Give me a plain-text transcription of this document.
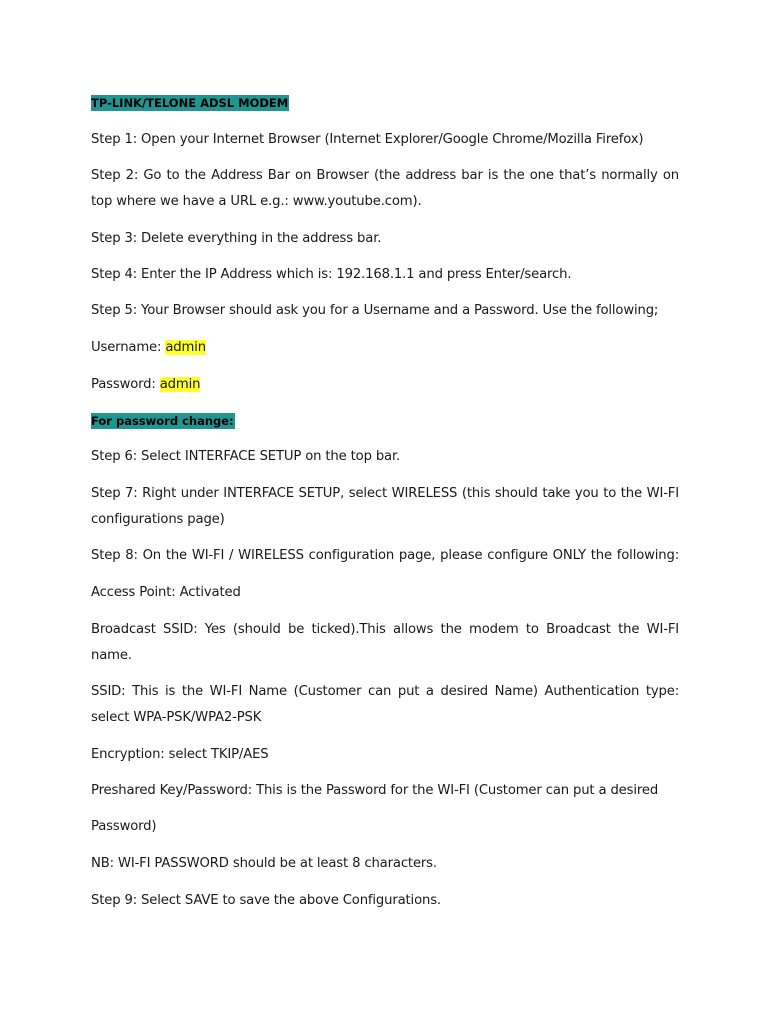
TP-LINK/TELONE ADSL MODEM
Step 1: Open your Internet Browser (Internet Explorer/Google Chrome/Mozilla Firefox)
Step 2: Go to the Address Bar on Browser (the address bar is the one that’s normally on
top where we have a URL e.g.: www.youtube.com).
Step 3: Delete everything in the address bar.
Step 4: Enter the IP Address which is: 192.168.1.1 and press Enter/search.
Step 5: Your Browser should ask you for a Username and a Password. Use the following;
Username: admin
Password: admin
For password change:
Step 6: Select INTERFACE SETUP on the top bar.
Step 7: Right under INTERFACE SETUP, select WIRELESS (this should take you to the WI-FI
configurations page)
Step 8: On the WI-FI / WIRELESS configuration page, please configure ONLY the following:
Access Point: Activated
Broadcast SSID: Yes (should be ticked).This allows the modem to Broadcast the WI-FI
name.
SSID: This is the WI-FI Name (Customer can put a desired Name) Authentication type:
select WPA-PSK/WPA2-PSK
Encryption: select TKIP/AES
Preshared Key/Password: This is the Password for the WI-FI (Customer can put a desired
Password)
NB: WI-FI PASSWORD should be at least 8 characters.
Step 9: Select SAVE to save the above Configurations.
